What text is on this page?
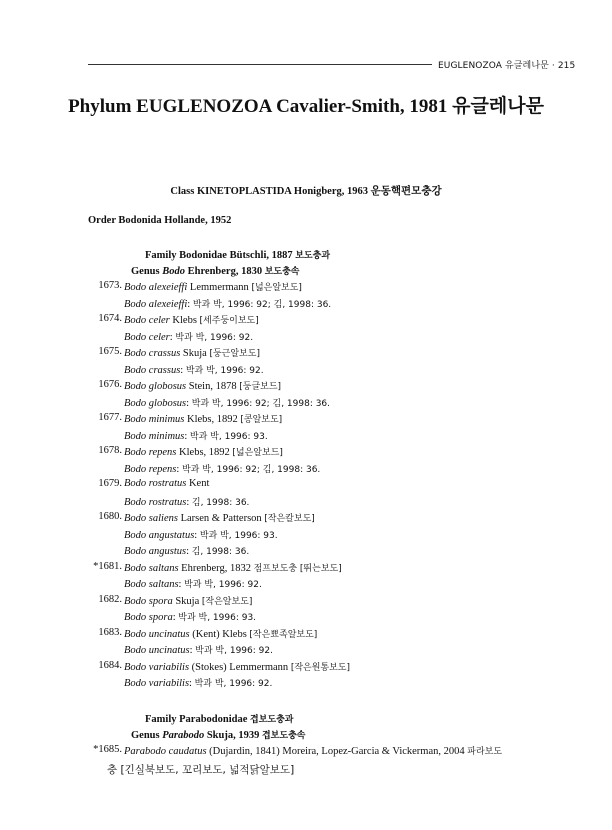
EUGLENOZOA 유글레나문 · 215
Phylum EUGLENOZOA Cavalier-Smith, 1981 유글레나문
Class KINETOPLASTIDA Honigberg, 1963 운동핵편모충강
Order Bodonida Hollande, 1952
Family Bodonidae Bütschli, 1887 보도충과
Genus Bodo Ehrenberg, 1830 보도충속
1673. Bodo alexeieffi Lemmermann [넓은알보도]
Bodo alexeieffi: 박과 박, 1996: 92; 김, 1998: 36.
1674. Bodo celer Klebs [세주둥이보도]
Bodo celer: 박과 박, 1996: 92.
1675. Bodo crassus Skuja [둥근알보도]
Bodo crassus: 박과 박, 1996: 92.
1676. Bodo globosus Stein, 1878 [둥글보드]
Bodo globosus: 박과 박, 1996: 92; 김, 1998: 36.
1677. Bodo minimus Klebs, 1892 [콩알보도]
Bodo minimus: 박과 박, 1996: 93.
1678. Bodo repens Klebs, 1892 [넓은알보드]
Bodo repens: 박과 박, 1996: 92; 김, 1998: 36.
1679. Bodo rostratus Kent
Bodo rostratus: 김, 1998: 36.
1680. Bodo saliens Larsen & Patterson [작은칼보도]
Bodo angustatus: 박과 박, 1996: 93.
Bodo angustus: 김, 1998: 36.
*1681. Bodo saltans Ehrenberg, 1832 점프보도충 [뛰는보도]
Bodo saltans: 박과 박, 1996: 92.
1682. Bodo spora Skuja [작은알보도]
Bodo spora: 박과 박, 1996: 93.
1683. Bodo uncinatus (Kent) Klebs [작은뾰족알보도]
Bodo uncinatus: 박과 박, 1996: 92.
1684. Bodo variabilis (Stokes) Lemmermann [작은원통보도]
Bodo variabilis: 박과 박, 1996: 92.
Family Parabodonidae 겹보도충과
Genus Parabodo Skuja, 1939 겹보도충속
*1685. Parabodo caudatus (Dujardin, 1841) Moreira, Lopez-Garcia & Vickerman, 2004 파라보도
충 [긴실북보도, 꼬리보도, 넓적닭알보도]
